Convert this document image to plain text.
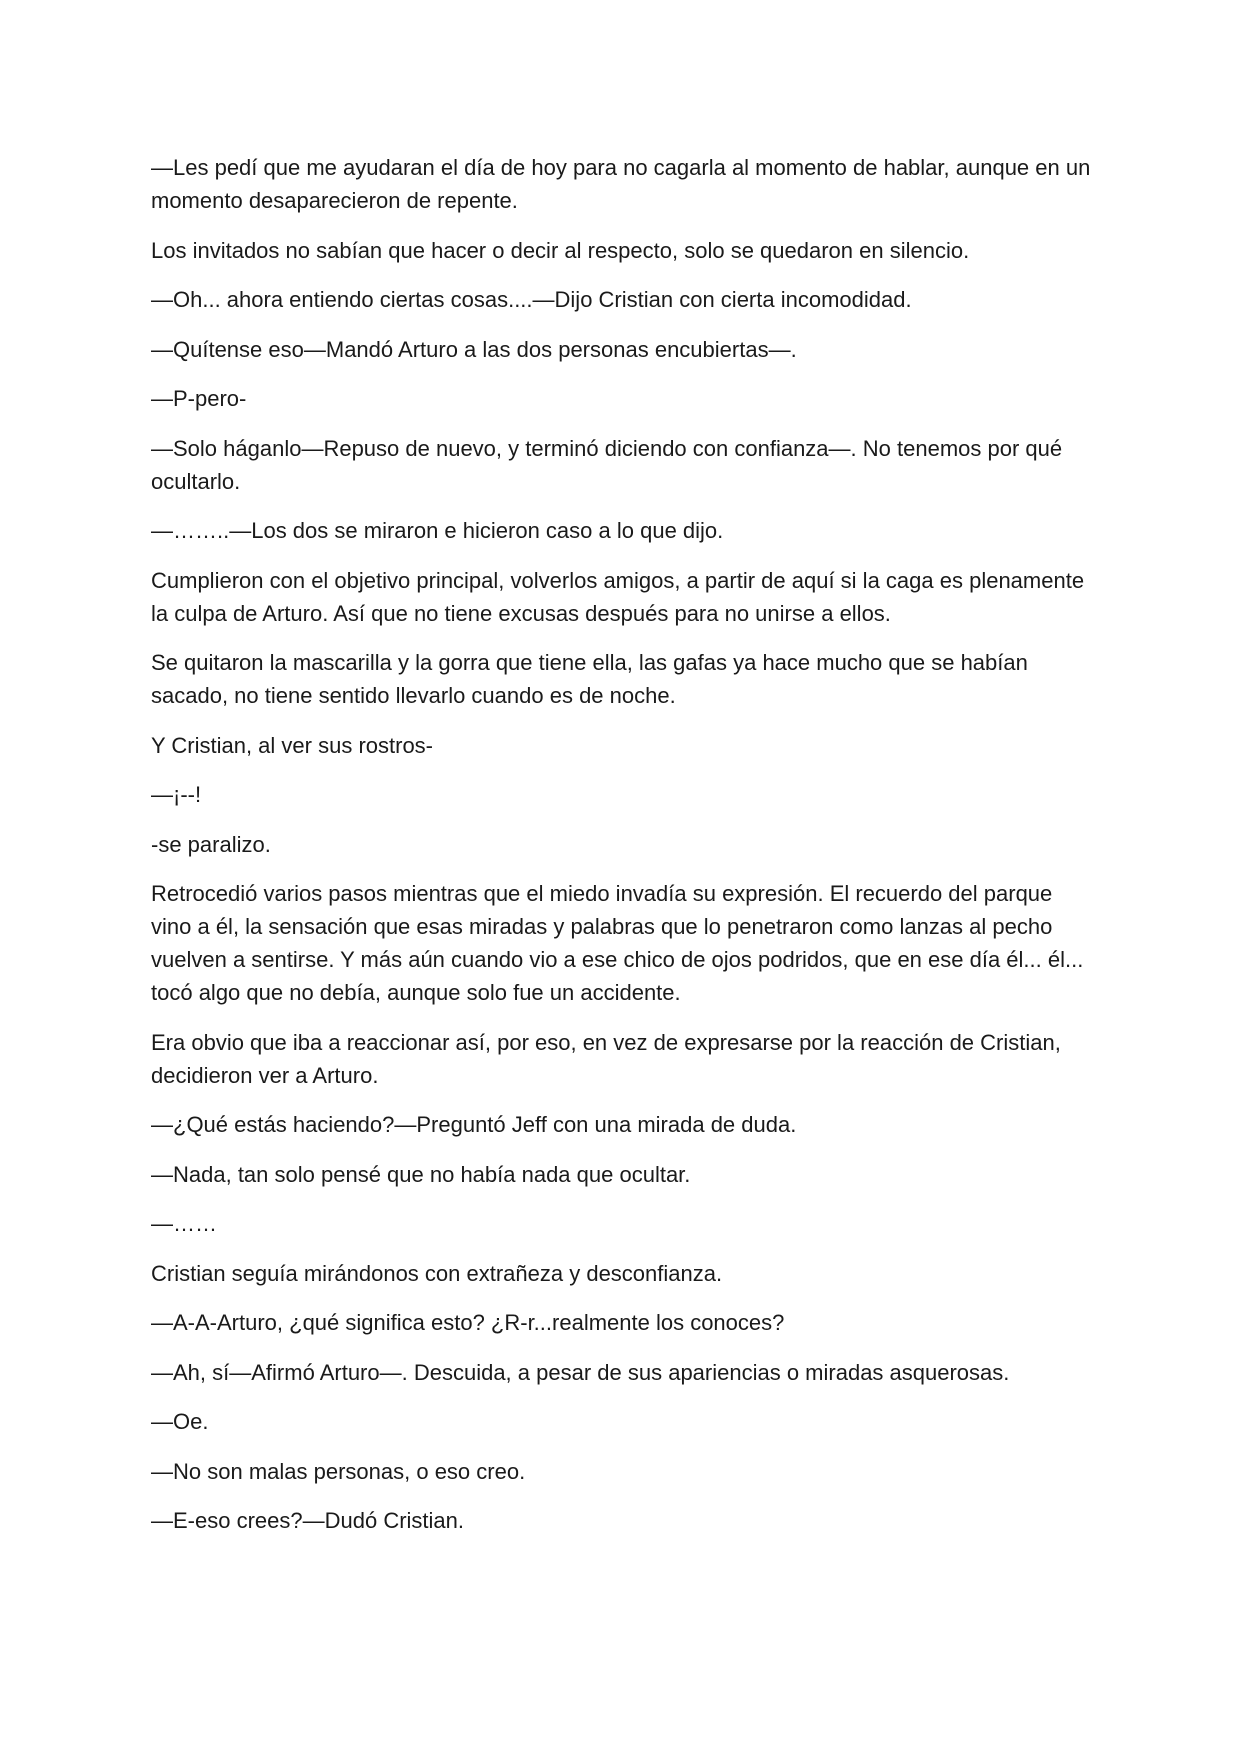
—Les pedí que me ayudaran el día de hoy para no cagarla al momento de hablar, aunque en un momento desaparecieron de repente.

Los invitados no sabían que hacer o decir al respecto, solo se quedaron en silencio.

—Oh... ahora entiendo ciertas cosas....—Dijo Cristian con cierta incomodidad.

—Quítense eso—Mandó Arturo a las dos personas encubiertas—.

—P-pero-

—Solo háganlo—Repuso de nuevo, y terminó diciendo con confianza—. No tenemos por qué ocultarlo.

—……..—Los dos se miraron e hicieron caso a lo que dijo.

Cumplieron con el objetivo principal, volverlos amigos, a partir de aquí si la caga es plenamente la culpa de Arturo. Así que no tiene excusas después para no unirse a ellos.

Se quitaron la mascarilla y la gorra que tiene ella, las gafas ya hace mucho que se habían sacado, no tiene sentido llevarlo cuando es de noche.

Y Cristian, al ver sus rostros-

—¡--!

-se paralizo.

Retrocedió varios pasos mientras que el miedo invadía su expresión. El recuerdo del parque vino a él, la sensación que esas miradas y palabras que lo penetraron como lanzas al pecho vuelven a sentirse. Y más aún cuando vio a ese chico de ojos podridos, que en ese día él... él... tocó algo que no debía, aunque solo fue un accidente.

Era obvio que iba a reaccionar así, por eso, en vez de expresarse por la reacción de Cristian, decidieron ver a Arturo.

—¿Qué estás haciendo?—Preguntó Jeff con una mirada de duda.

—Nada, tan solo pensé que no había nada que ocultar.

—……

Cristian seguía mirándonos con extrañeza y desconfianza.

—A-A-Arturo, ¿qué significa esto? ¿R-r...realmente los conoces?

—Ah, sí—Afirmó Arturo—. Descuida, a pesar de sus apariencias o miradas asquerosas.

—Oe.

—No son malas personas, o eso creo.

—E-eso crees?—Dudó Cristian.
